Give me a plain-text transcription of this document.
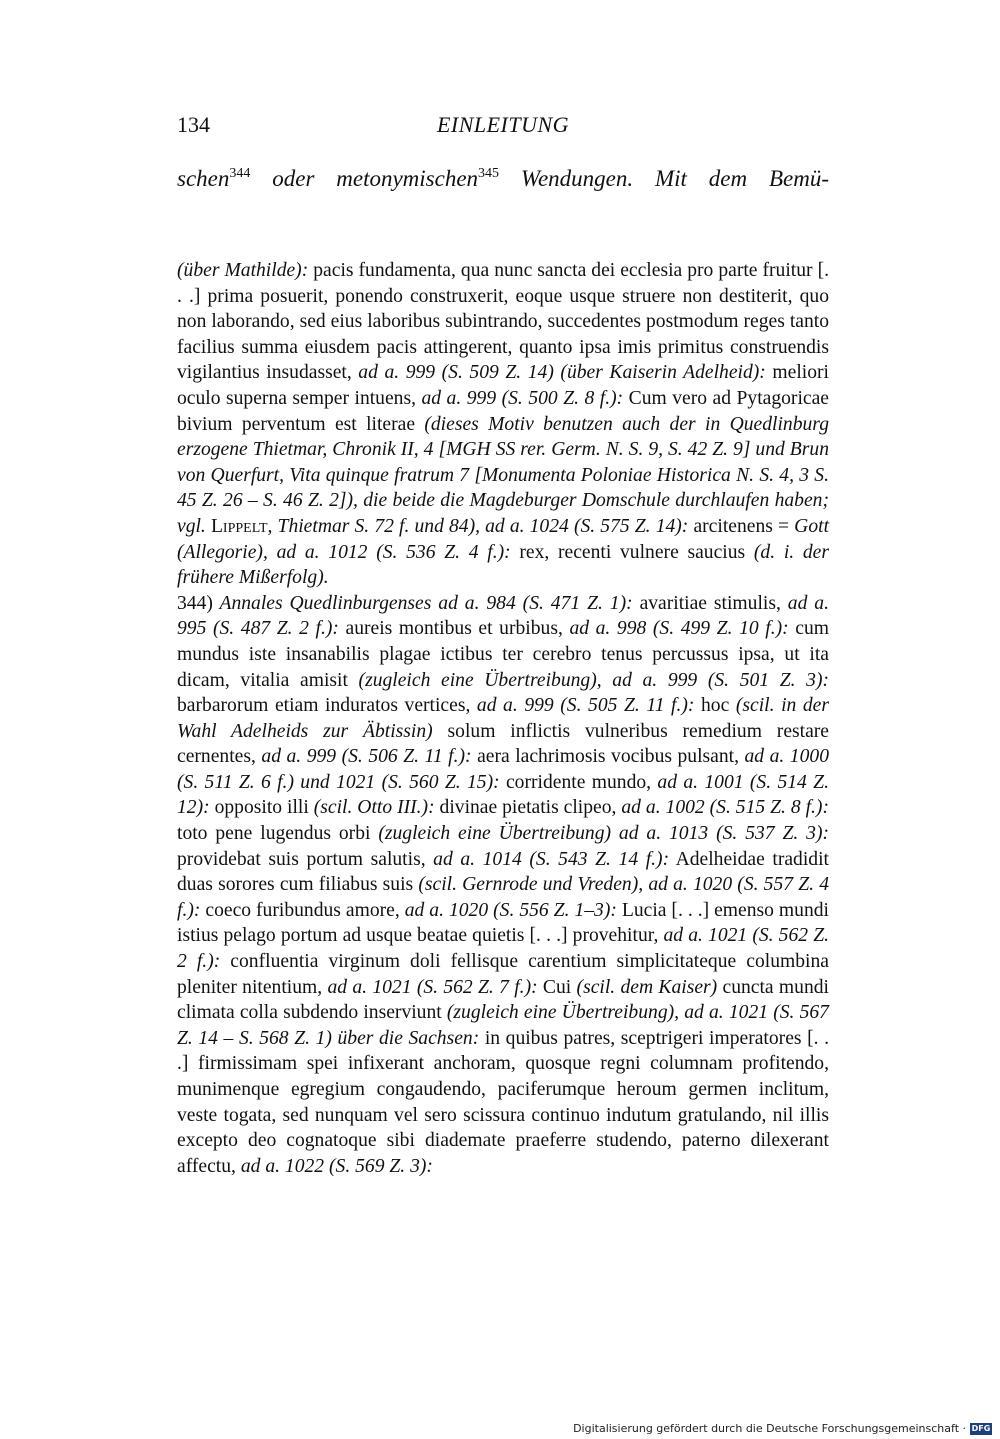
134	EINLEITUNG
schen$^{344}$ oder metonymischen$^{345}$ Wendungen. Mit dem Bemü-

(über Mathilde): pacis fundamenta, qua nunc sancta dei ecclesia pro parte fruitur [. . .] prima posuerit, ponendo construxerit, eoque usque struere non destiterit, quo non laborando, sed eius laboribus subintrando, succedentes postmodum reges tanto facilius summa eiusdem pacis attingerent, quanto ipsa imis primitus construendis vigilantius insudasset, ad a. 999 (S. 509 Z. 14) (über Kaiserin Adelheid): meliori oculo superna semper intuens, ad a. 999 (S. 500 Z. 8 f.): Cum vero ad Pytagoricae bivium perventum est literae (dieses Motiv benutzen auch der in Quedlinburg erzogene Thietmar, Chronik II, 4 [MGH SS rer. Germ. N. S. 9, S. 42 Z. 9] und Brun von Querfurt, Vita quinque fratrum 7 [Monumenta Poloniae Historica N. S. 4, 3 S. 45 Z. 26 – S. 46 Z. 2]), die beide die Magdeburger Domschule durchlaufen haben; vgl. Lippelt, Thietmar S. 72 f. und 84), ad a. 1024 (S. 575 Z. 14): arcitenens = Gott (Allegorie), ad a. 1012 (S. 536 Z. 4 f.): rex, recenti vulnere saucius (d. i. der frühere Mißerfolg).

344) Annales Quedlinburgenses ad a. 984 (S. 471 Z. 1): avaritiae stimulis, ad a. 995 (S. 487 Z. 2 f.): aureis montibus et urbibus, ad a. 998 (S. 499 Z. 10 f.): cum mundus iste insanabilis plagae ictibus ter cerebro tenus percussus ipsa, ut ita dicam, vitalia amisit (zugleich eine Übertreibung), ad a. 999 (S. 501 Z. 3): barbarorum etiam induratos vertices, ad a. 999 (S. 505 Z. 11 f.): hoc (scil. in der Wahl Adelheids zur Äbtissin) solum inflictis vulneribus remedium restare cernentes, ad a. 999 (S. 506 Z. 11 f.): aera lachrimosis vocibus pulsant, ad a. 1000 (S. 511 Z. 6 f.) und 1021 (S. 560 Z. 15): corridente mundo, ad a. 1001 (S. 514 Z. 12): opposito illi (scil. Otto III.): divinae pietatis clipeo, ad a. 1002 (S. 515 Z. 8 f.): toto pene lugendus orbi (zugleich eine Übertreibung) ad a. 1013 (S. 537 Z. 3): providebat suis portum salutis, ad a. 1014 (S. 543 Z. 14 f.): Adelheidae tradidit duas sorores cum filiabus suis (scil. Gernrode und Vreden), ad a. 1020 (S. 557 Z. 4 f.): coeco furibundus amore, ad a. 1020 (S. 556 Z. 1–3): Lucia [. . .] emenso mundi istius pelago portum ad usque beatae quietis [. . .] provehitur, ad a. 1021 (S. 562 Z. 2 f.): confluentia virginum doli fellisque carentium simplicitateque columbina pleniter nitentium, ad a. 1021 (S. 562 Z. 7 f.): Cui (scil. dem Kaiser) cuncta mundi climata colla subdendo inserviunt (zugleich eine Übertreibung), ad a. 1021 (S. 567 Z. 14 – S. 568 Z. 1) über die Sachsen: in quibus patres, sceptrigeri imperatores [. . .] firmissimam spei infixerant anchoram, quosque regni columnam profitendo, munimenque egregium congaudendo, paciferumque heroum germen inclitum, veste togata, sed nunquam vel sero scissura continuo indutum gratulando, nil illis excepto deo cognatoque sibi diademate praeferre studendo, paterno dilexerant affectu, ad a. 1022 (S. 569 Z. 3):

Digitalisierung gefördert durch die Deutsche Forschungsgemeinschaft · DFG
